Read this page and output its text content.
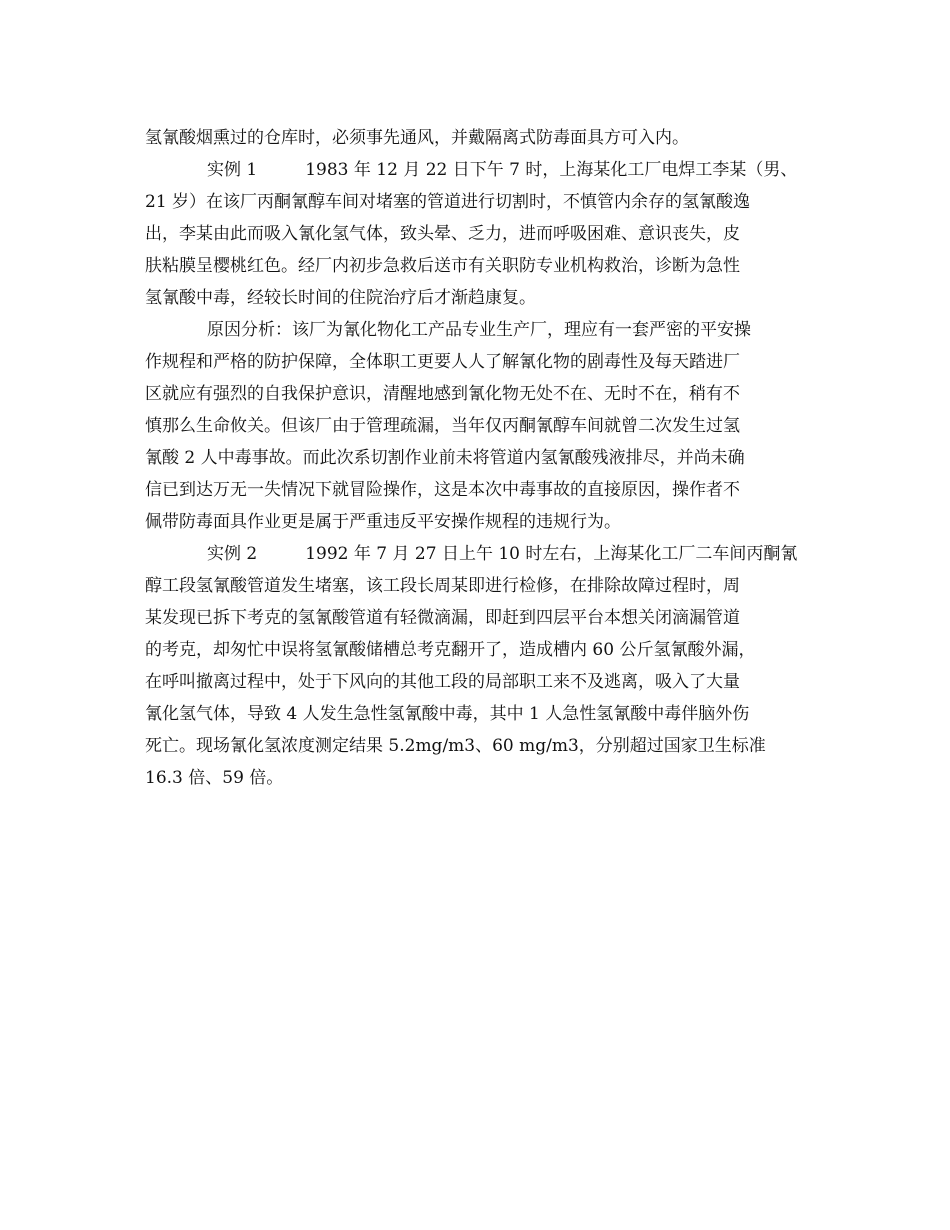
氢氰酸烟熏过的仓库时，必须事先通风，并戴隔离式防毒面具方可入内。
实例 1	1983 年 12 月 22 日下午 7 时，上海某化工厂电焊工李某（男、
21 岁）在该厂丙酮氰醇车间对堵塞的管道进行切割时，不慎管内余存的氢氰酸逸
出，李某由此而吸入氰化氢气体，致头晕、乏力，进而呼吸困难、意识丧失，皮
肤粘膜呈樱桃红色。经厂内初步急救后送市有关职防专业机构救治，诊断为急性
氢氰酸中毒，经较长时间的住院治疗后才渐趋康复。
原因分析：该厂为氰化物化工产品专业生产厂，理应有一套严密的平安操
作规程和严格的防护保障，全体职工更要人人了解氰化物的剧毒性及每天踏进厂
区就应有强烈的自我保护意识，清醒地感到氰化物无处不在、无时不在，稍有不
慎那么生命攸关。但该厂由于管理疏漏，当年仅丙酮氰醇车间就曾二次发生过氢
氰酸 2 人中毒事故。而此次系切割作业前未将管道内氢氰酸残液排尽，并尚未确
信已到达万无一失情况下就冒险操作，这是本次中毒事故的直接原因，操作者不
佩带防毒面具作业更是属于严重违反平安操作规程的违规行为。
实例 2	1992 年 7 月 27 日上午 10 时左右，上海某化工厂二车间丙酮氰
醇工段氢氰酸管道发生堵塞，该工段长周某即进行检修，在排除故障过程时，周
某发现已拆下考克的氢氰酸管道有轻微滴漏，即赶到四层平台本想关闭滴漏管道
的考克，却匆忙中误将氢氰酸储槽总考克翻开了，造成槽内 60 公斤氢氰酸外漏，
在呼叫撤离过程中，处于下风向的其他工段的局部职工来不及逃离，吸入了大量
氰化氢气体，导致 4 人发生急性氢氰酸中毒，其中 1 人急性氢氰酸中毒伴脑外伤
死亡。现场氰化氢浓度测定结果 5.2mg/m3、60 mg/m3，分别超过国家卫生标准
16.3 倍、59 倍。
